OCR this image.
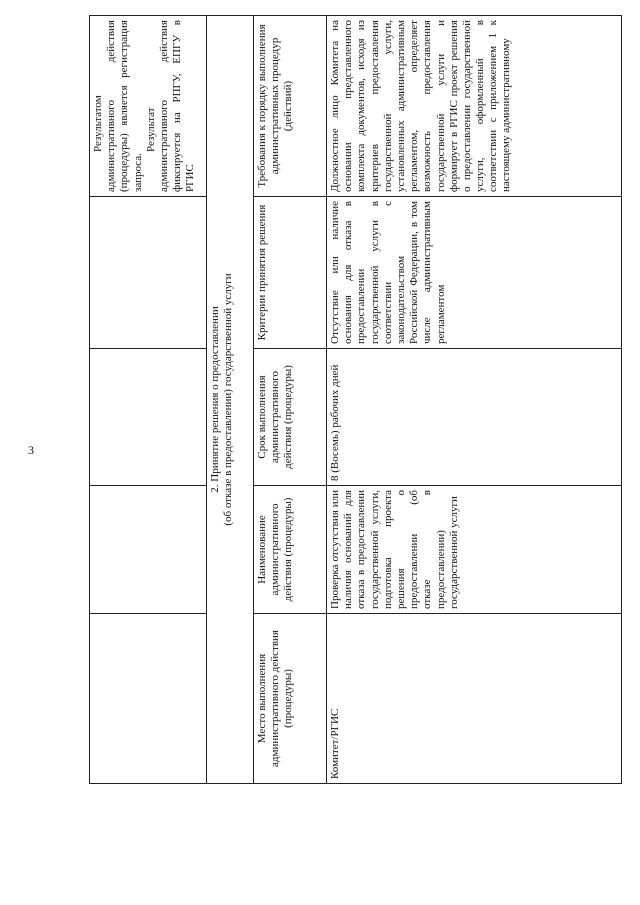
3

				Результатом административного действия (процедуры) является регистрация запроса.

Результат административного действия фиксируется на РПГУ, ЕПГУ в РГИС

2. Принятие решения о предоставлении (об отказе в предоставлении) государственной услуги				

Место выполнения административного действия (процедуры)	Наименование административного действия (процедуры)	Срок выполнения административного действия (процедуры)	Критерии принятия решения	Требования к порядку выполнения административных процедур (действий)
Комитет/РГИС	Проверка отсутствия или наличия оснований для отказа в предоставлении государственной услуги, подготовка проекта решения о предоставлении (об отказе в предоставлении) государственной услуги	8 (Восемь) рабочих дней	Отсутствие или наличие основания для отказа в предоставлении государственной услуги в соответствии с законодательством Российской Федерации, в том числе административным регламентом	Должностное лицо Комитета на основании представленного комплекта документов, исходя из критериев предоставления государственной услуги, установленных административным регламентом, определяет возможность предоставления государственной услуги и формирует в РГИС проект решения о предоставлении государственной услуги, оформленный в соответствии с приложением 1 к настоящему административному
